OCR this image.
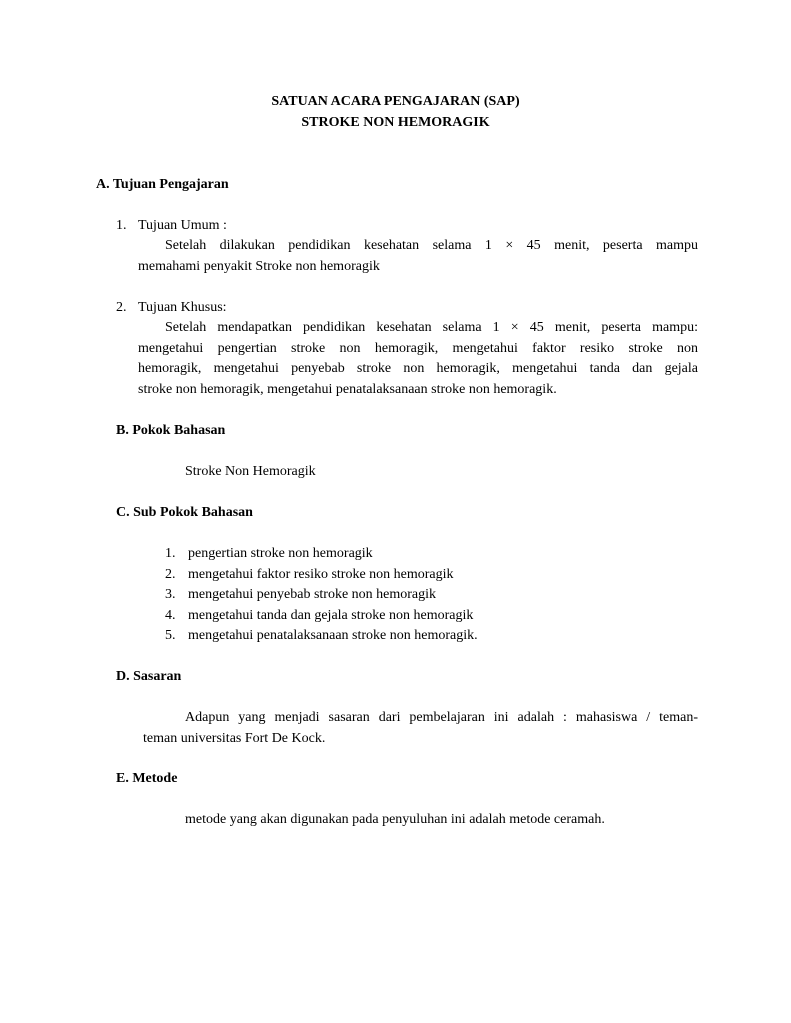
SATUAN ACARA PENGAJARAN (SAP)
STROKE NON HEMORAGIK
A. Tujuan Pengajaran
1. Tujuan Umum :
Setelah dilakukan pendidikan kesehatan selama 1 × 45 menit, peserta mampu
memahami penyakit Stroke non hemoragik
2. Tujuan Khusus:
Setelah mendapatkan pendidikan kesehatan selama 1 × 45 menit, peserta mampu:
mengetahui pengertian stroke non hemoragik, mengetahui faktor resiko stroke non
hemoragik, mengetahui penyebab stroke non hemoragik, mengetahui tanda dan gejala
stroke non hemoragik, mengetahui penatalaksanaan stroke non hemoragik.
B. Pokok Bahasan
Stroke Non Hemoragik
C. Sub Pokok Bahasan
1. pengertian stroke non hemoragik
2. mengetahui faktor resiko stroke non hemoragik
3. mengetahui penyebab stroke non hemoragik
4. mengetahui tanda dan gejala stroke non hemoragik
5. mengetahui penatalaksanaan stroke non hemoragik.
D. Sasaran
Adapun yang menjadi sasaran dari pembelajaran ini adalah : mahasiswa / teman-
teman universitas Fort De Kock.
E. Metode
metode yang akan digunakan pada penyuluhan ini adalah metode ceramah.
